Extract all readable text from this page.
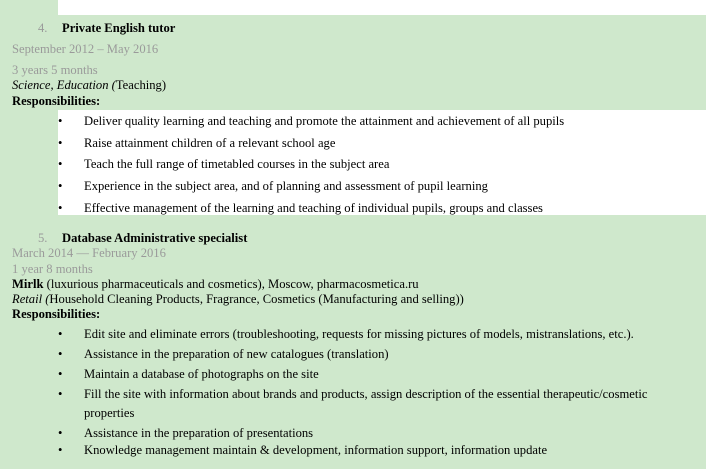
4. Private English tutor
September 2012 – May 2016
3 years 5 months
Science, Education (Teaching)
Responsibilities:
• Deliver quality learning and teaching and promote the attainment and achievement of all pupils
• Raise attainment children of a relevant school age
• Teach the full range of timetabled courses in the subject area
• Experience in the subject area, and of planning and assessment of pupil learning
• Effective management of the learning and teaching of individual pupils, groups and classes
5. Database Administrative specialist
March 2014 — February 2016
1 year 8 months
Mirlk (luxurious pharmaceuticals and cosmetics), Moscow, pharmacosmetica.ru
Retail (Household Cleaning Products, Fragrance, Cosmetics (Manufacturing and selling))
Responsibilities:
• Edit site and eliminate errors (troubleshooting, requests for missing pictures of models, mistranslations, etc.).
• Assistance in the preparation of new catalogues (translation)
• Maintain a database of photographs on the site
• Fill the site with information about brands and products, assign description of the essential therapeutic/cosmetic
properties
• Assistance in the preparation of presentations
• Knowledge management maintain & development, information support, information update
